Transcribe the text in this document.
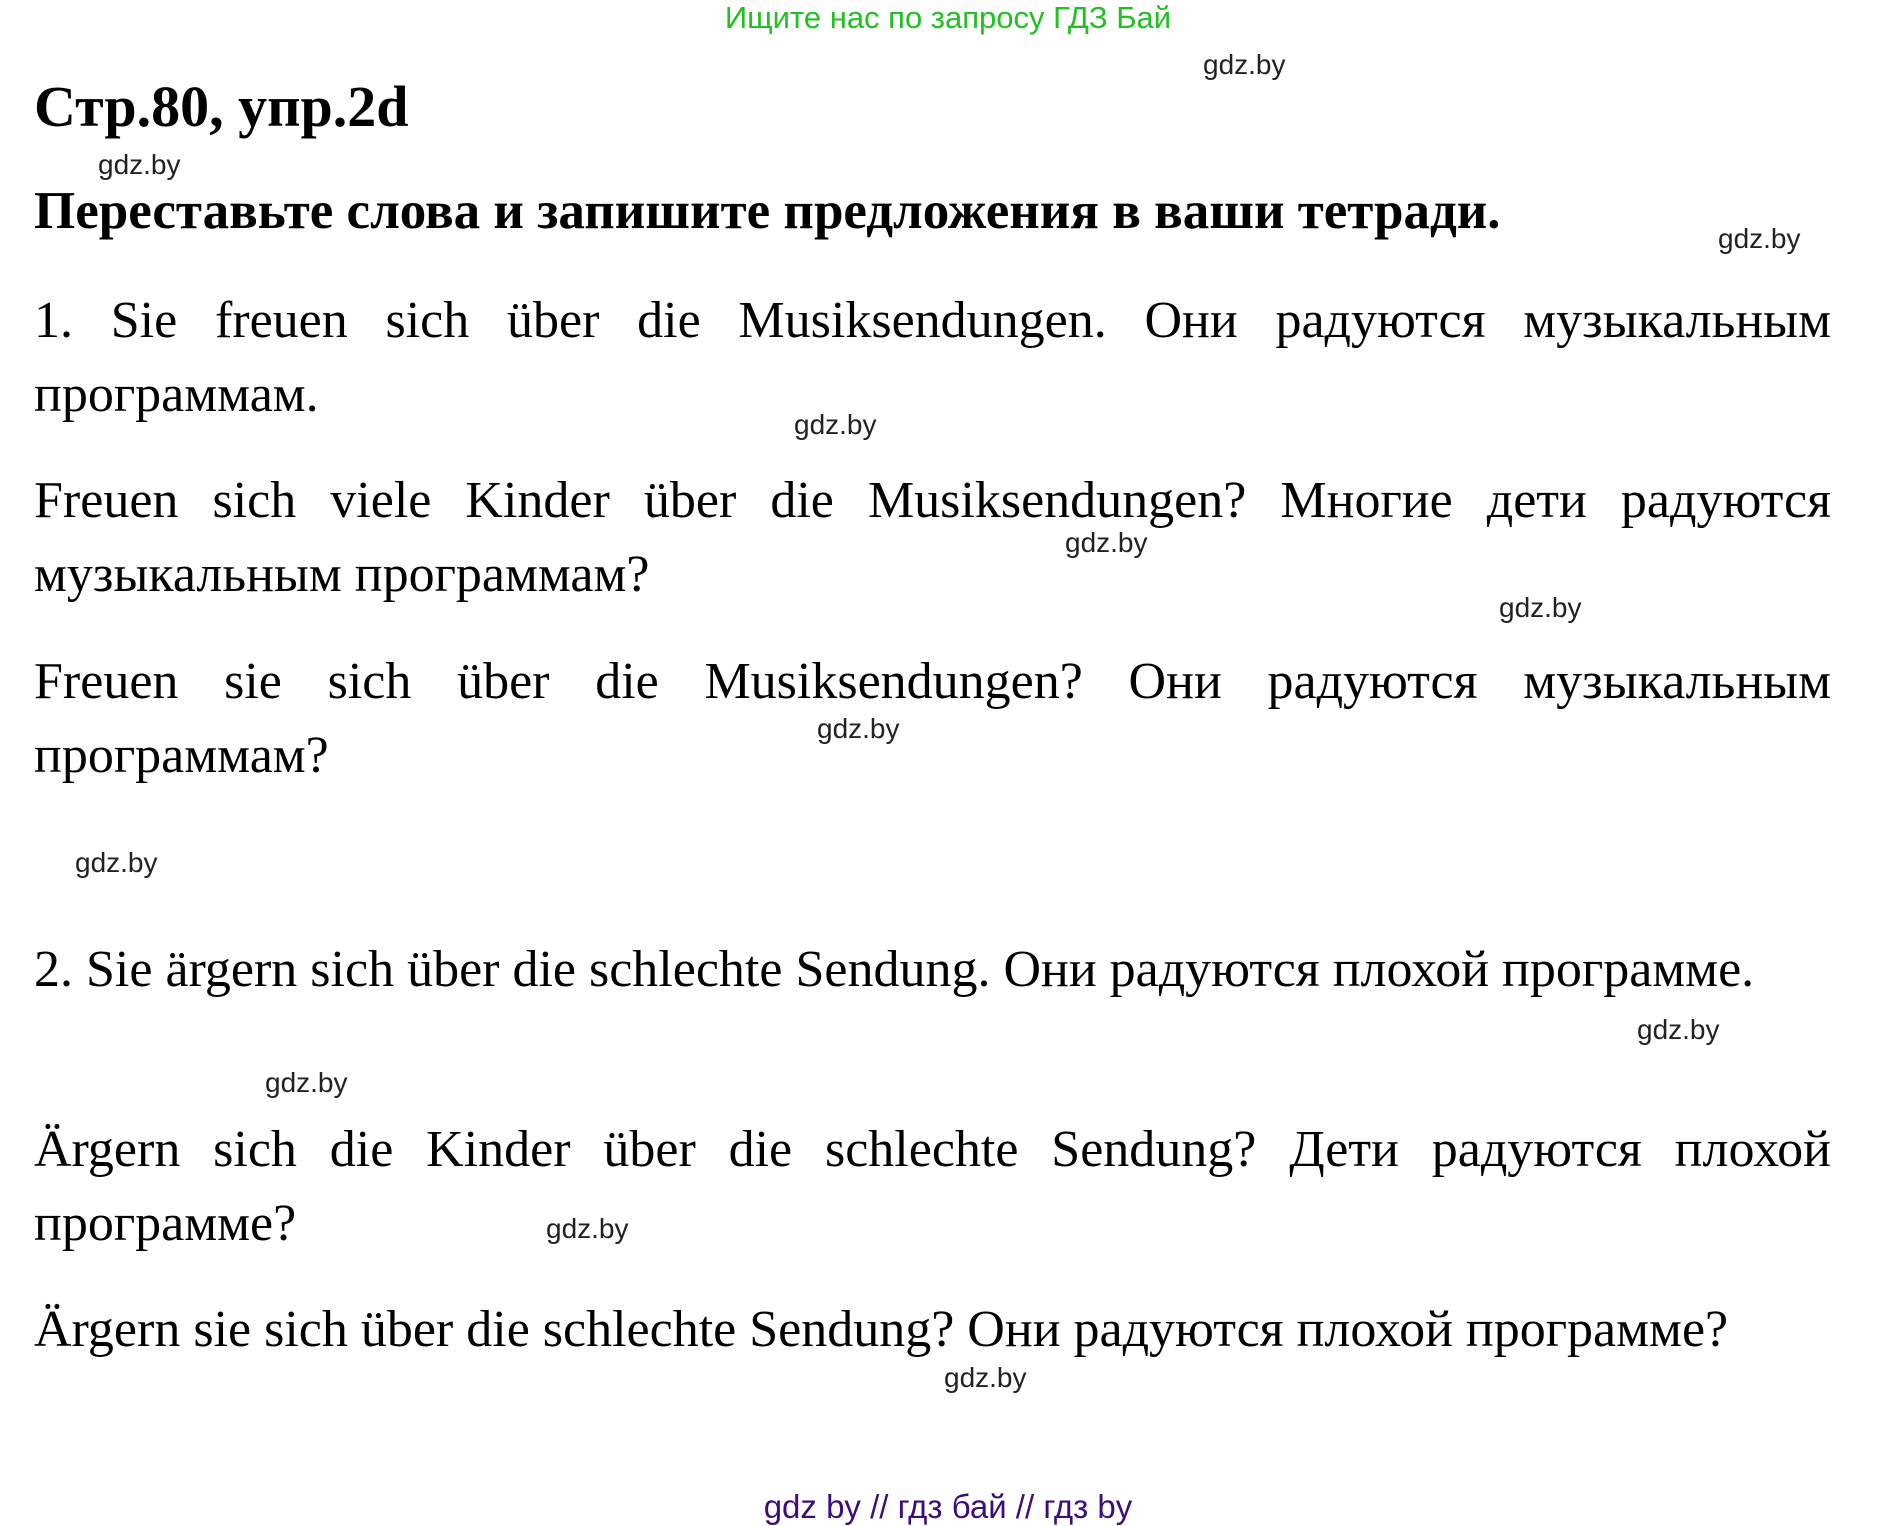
Ищите нас по запросу ГДЗ Бай
gdz.by
Стр.80, упр.2d
gdz.by
Переставьте слова и запишите предложения в ваши тетради.	gdz.by
1. Sie freuen sich über die Musiksendungen. Они радуются музыкальным программам.
gdz.by
Freuen sich viele Kinder über die Musiksendungen? Многие дети радуются музыкальным программам?
gdz.by
gdz.by
Freuen sie sich über die Musiksendungen? Они радуются музыкальным программам?	gdz.by
gdz.by
2. Sie ärgern sich über die schlechte Sendung. Они радуются плохой программе.
gdz.by
gdz.by
Ärgern sich die Kinder über die schlechte Sendung? Дети радуются плохой программе?	gdz.by
Ärgern sie sich über die schlechte Sendung? Они радуются плохой программе?
gdz.by
gdz by // гдз бай // гдз by
